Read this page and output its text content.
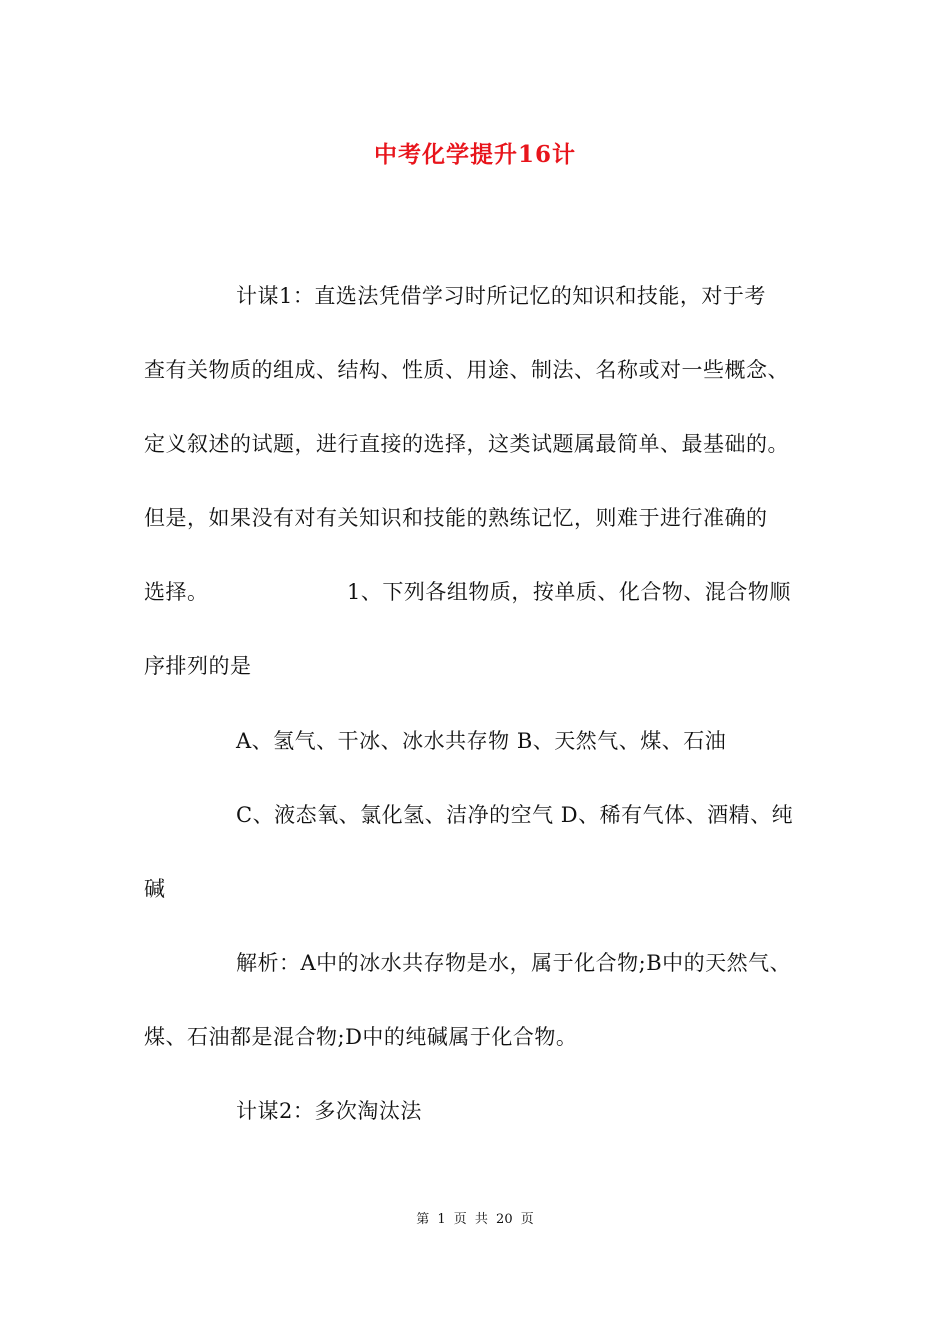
中考化学提升16计
计谋1：直选法凭借学习时所记忆的知识和技能，对于考
查有关物质的组成、结构、性质、用途、制法、名称或对一些概念、
定义叙述的试题，进行直接的选择，这类试题属最简单、最基础的。
但是，如果没有对有关知识和技能的熟练记忆，则难于进行准确的
选择。	1、下列各组物质，按单质、化合物、混合物顺
序排列的是
A、氢气、干冰、冰水共存物 B、天然气、煤、石油
C、液态氧、氯化氢、洁净的空气 D、稀有气体、酒精、纯
碱
解析：A中的冰水共存物是水，属于化合物;B中的天然气、
煤、石油都是混合物;D中的纯碱属于化合物。
计谋2：多次淘汰法
第 1 页 共 20 页
